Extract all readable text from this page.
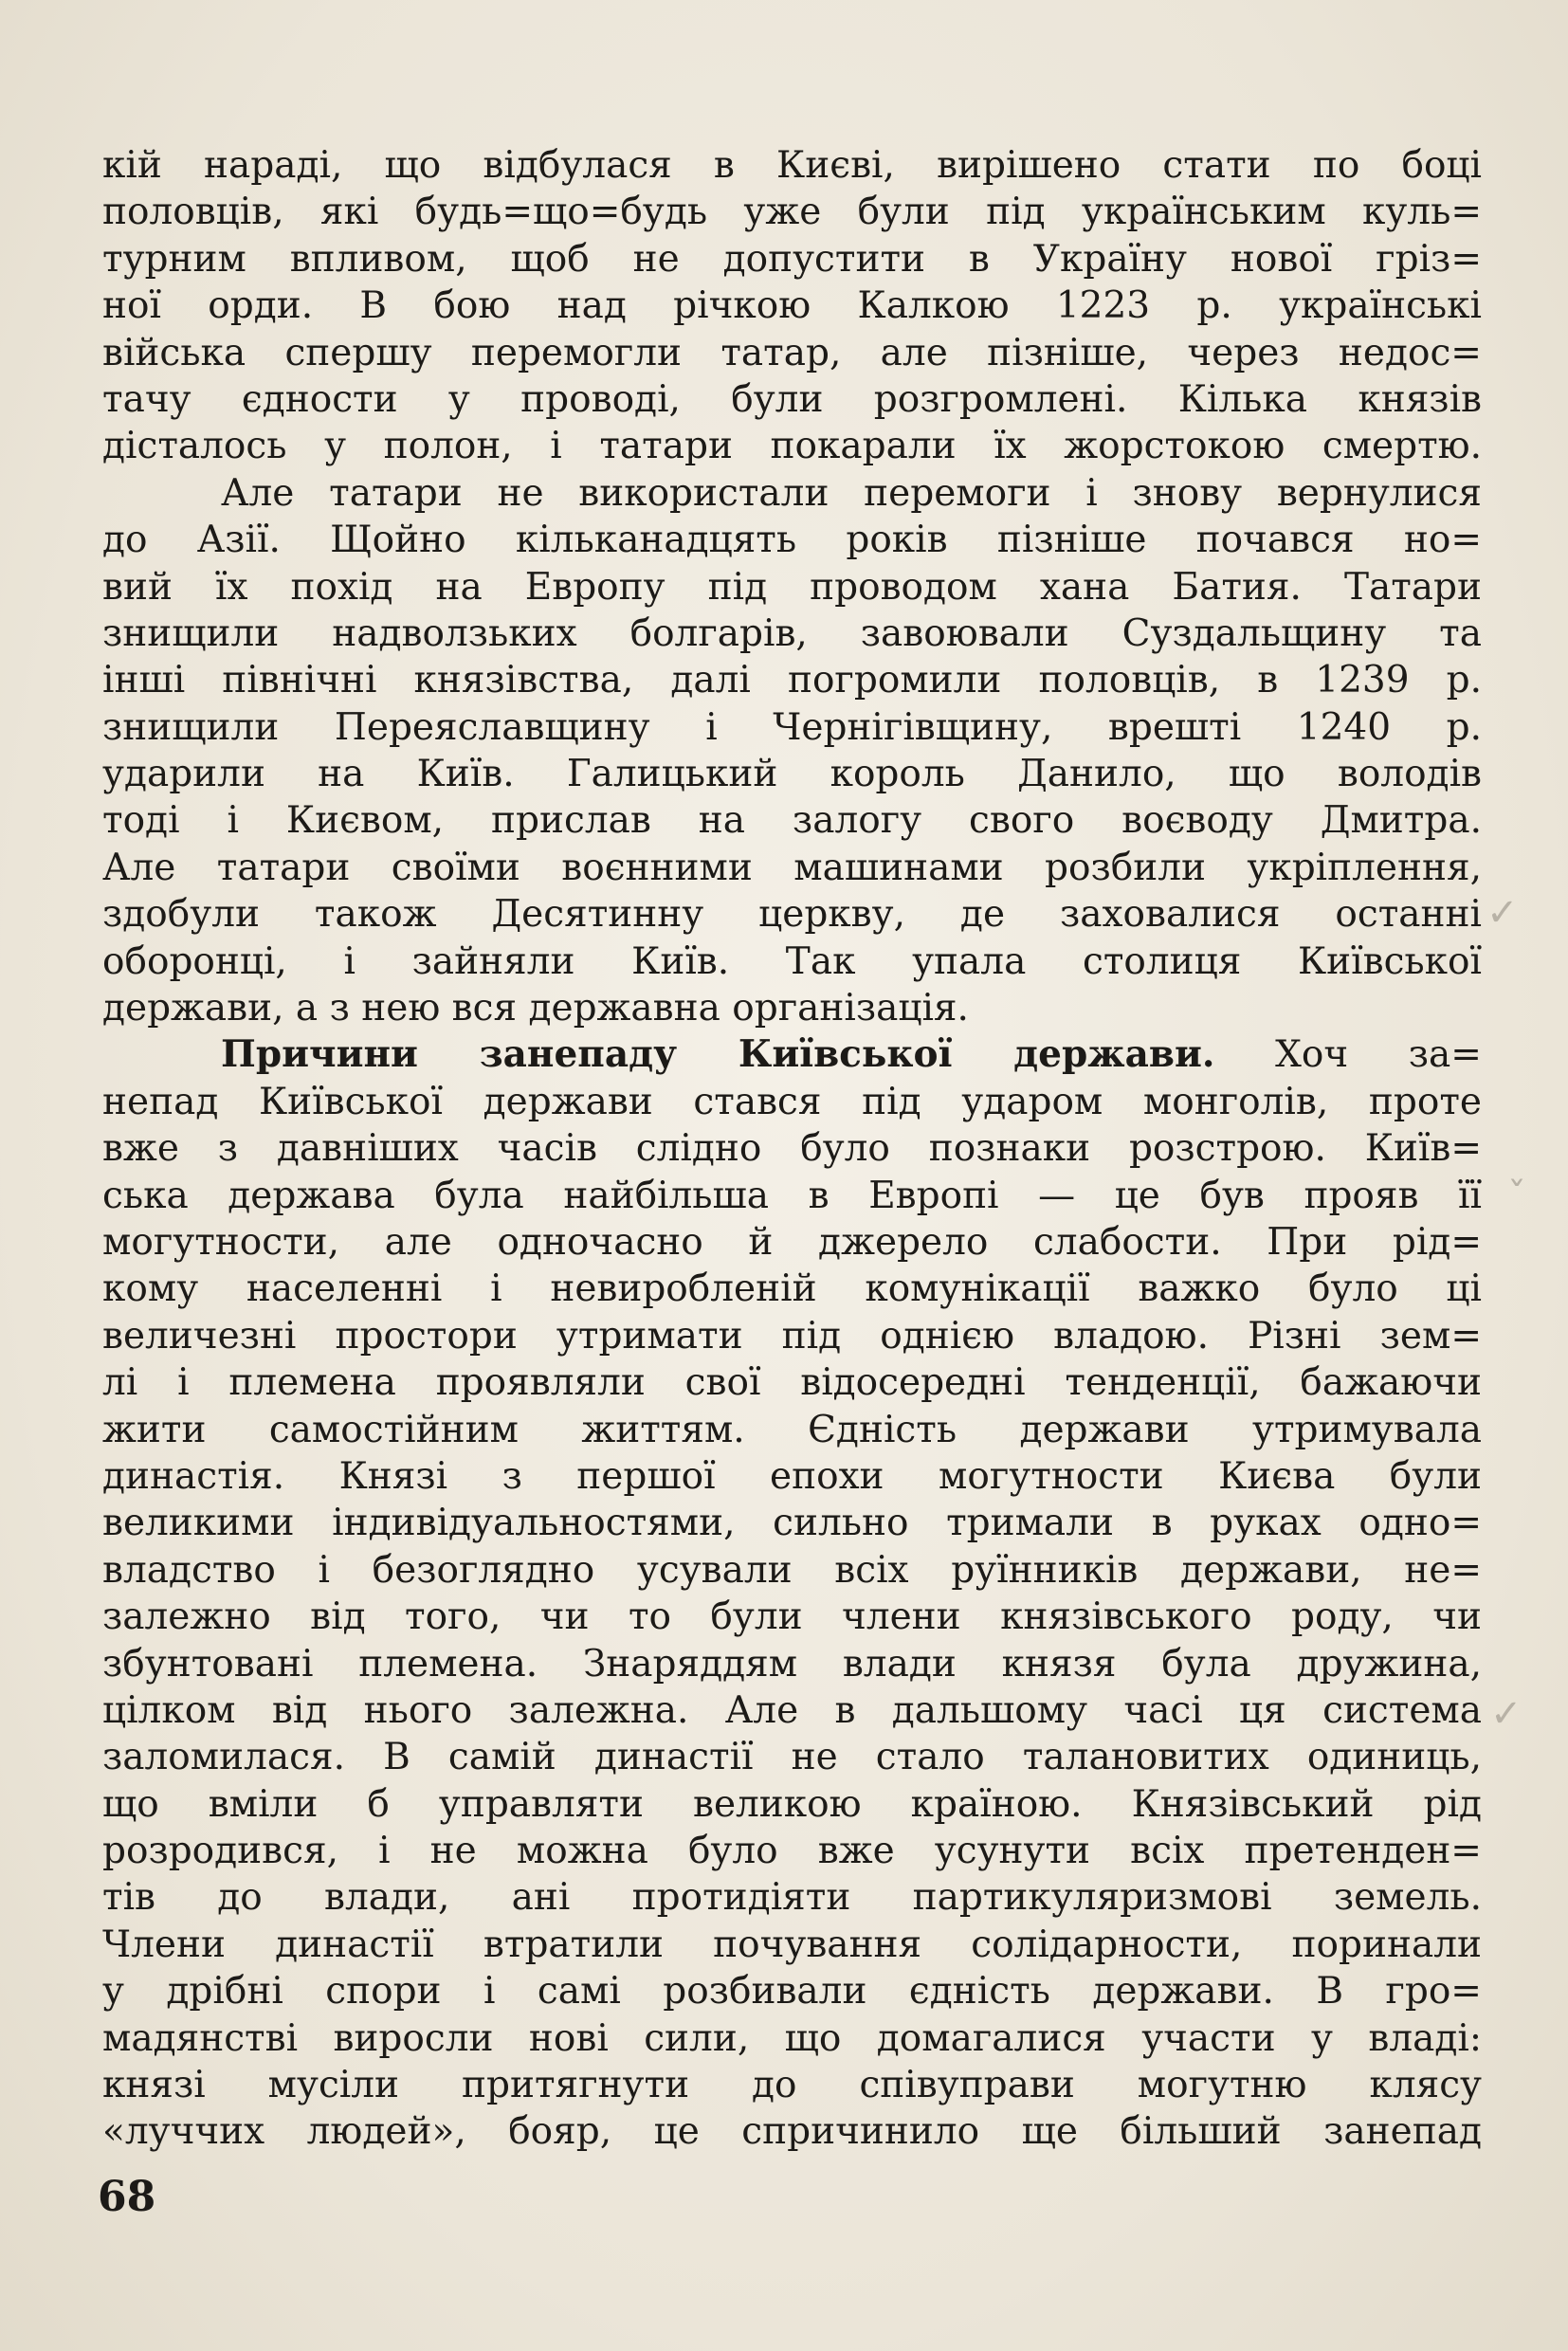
кій нараді, що відбулася в Києві, вирішено стати по боці
половців, які будь=що=будь уже були під українським куль=
турним впливом, щоб не допустити в Україну нової гріз=
ної орди. В бою над річкою Калкою 1223 р. українські
війська спершу перемогли татар, але пізніше, через недос=
тачу єдности у проводі, були розгромлені. Кілька князів
дісталось у полон, і татари покарали їх жорстокою смертю.
Але татари не використали перемоги і знову вернулися
до Азії. Щойно кільканадцять років пізніше почався но=
вий їх похід на Европу під проводом хана Батия. Татари
знищили надволзьких болгарів, завоювали Суздальщину та
інші північні князівства, далі погромили половців, в 1239 р.
знищили Переяславщину і Чернігівщину, врешті 1240 р.
ударили на Київ. Галицький король Данило, що володів
тоді і Києвом, прислав на залогу свого воєводу Дмитра.
Але татари своїми воєнними машинами розбили укріплення,
здобули також Десятинну церкву, де заховалися останні
оборонці, і зайняли Київ. Так упала столиця Київської
держави, а з нею вся державна організація.
Причини занепаду Київської держави. Хоч за=
непад Київської держави стався під ударом монголів, проте
вже з давніших часів слідно було познаки розстрою. Київ=
ська держава була найбільша в Европі — це був прояв її
могутности, але одночасно й джерело слабости. При рід=
кому населенні і невиробленій комунікації важко було ці
величезні простори утримати під однією владою. Різні зем=
лі і племена проявляли свої відосередні тенденції, бажаючи
жити самостійним життям. Єдність держави утримувала
династія. Князі з першої епохи могутности Києва були
великими індивідуальностями, сильно тримали в руках одно=
владство і безоглядно усували всіх руїнників держави, не=
залежно від того, чи то були члени князівського роду, чи
збунтовані племена. Знаряддям влади князя була дружина,
цілком від нього залежна. Але в дальшому часі ця система
заломилася. В самій династії не стало талановитих одиниць,
що вміли б управляти великою країною. Князівський рід
розродився, і не можна було вже усунути всіх претенден=
тів до влади, ані протидіяти партикуляризмові земель.
Члени династії втратили почування солідарности, поринали
у дрібні спори і самі розбивали єдність держави. В гро=
мадянстві виросли нові сили, що домагалися участи у владі:
князі мусіли притягнути до співуправи могутню клясу
«луччих людей», бояр, це спричинило ще більший занепад
✓
ˇ
✓
68
